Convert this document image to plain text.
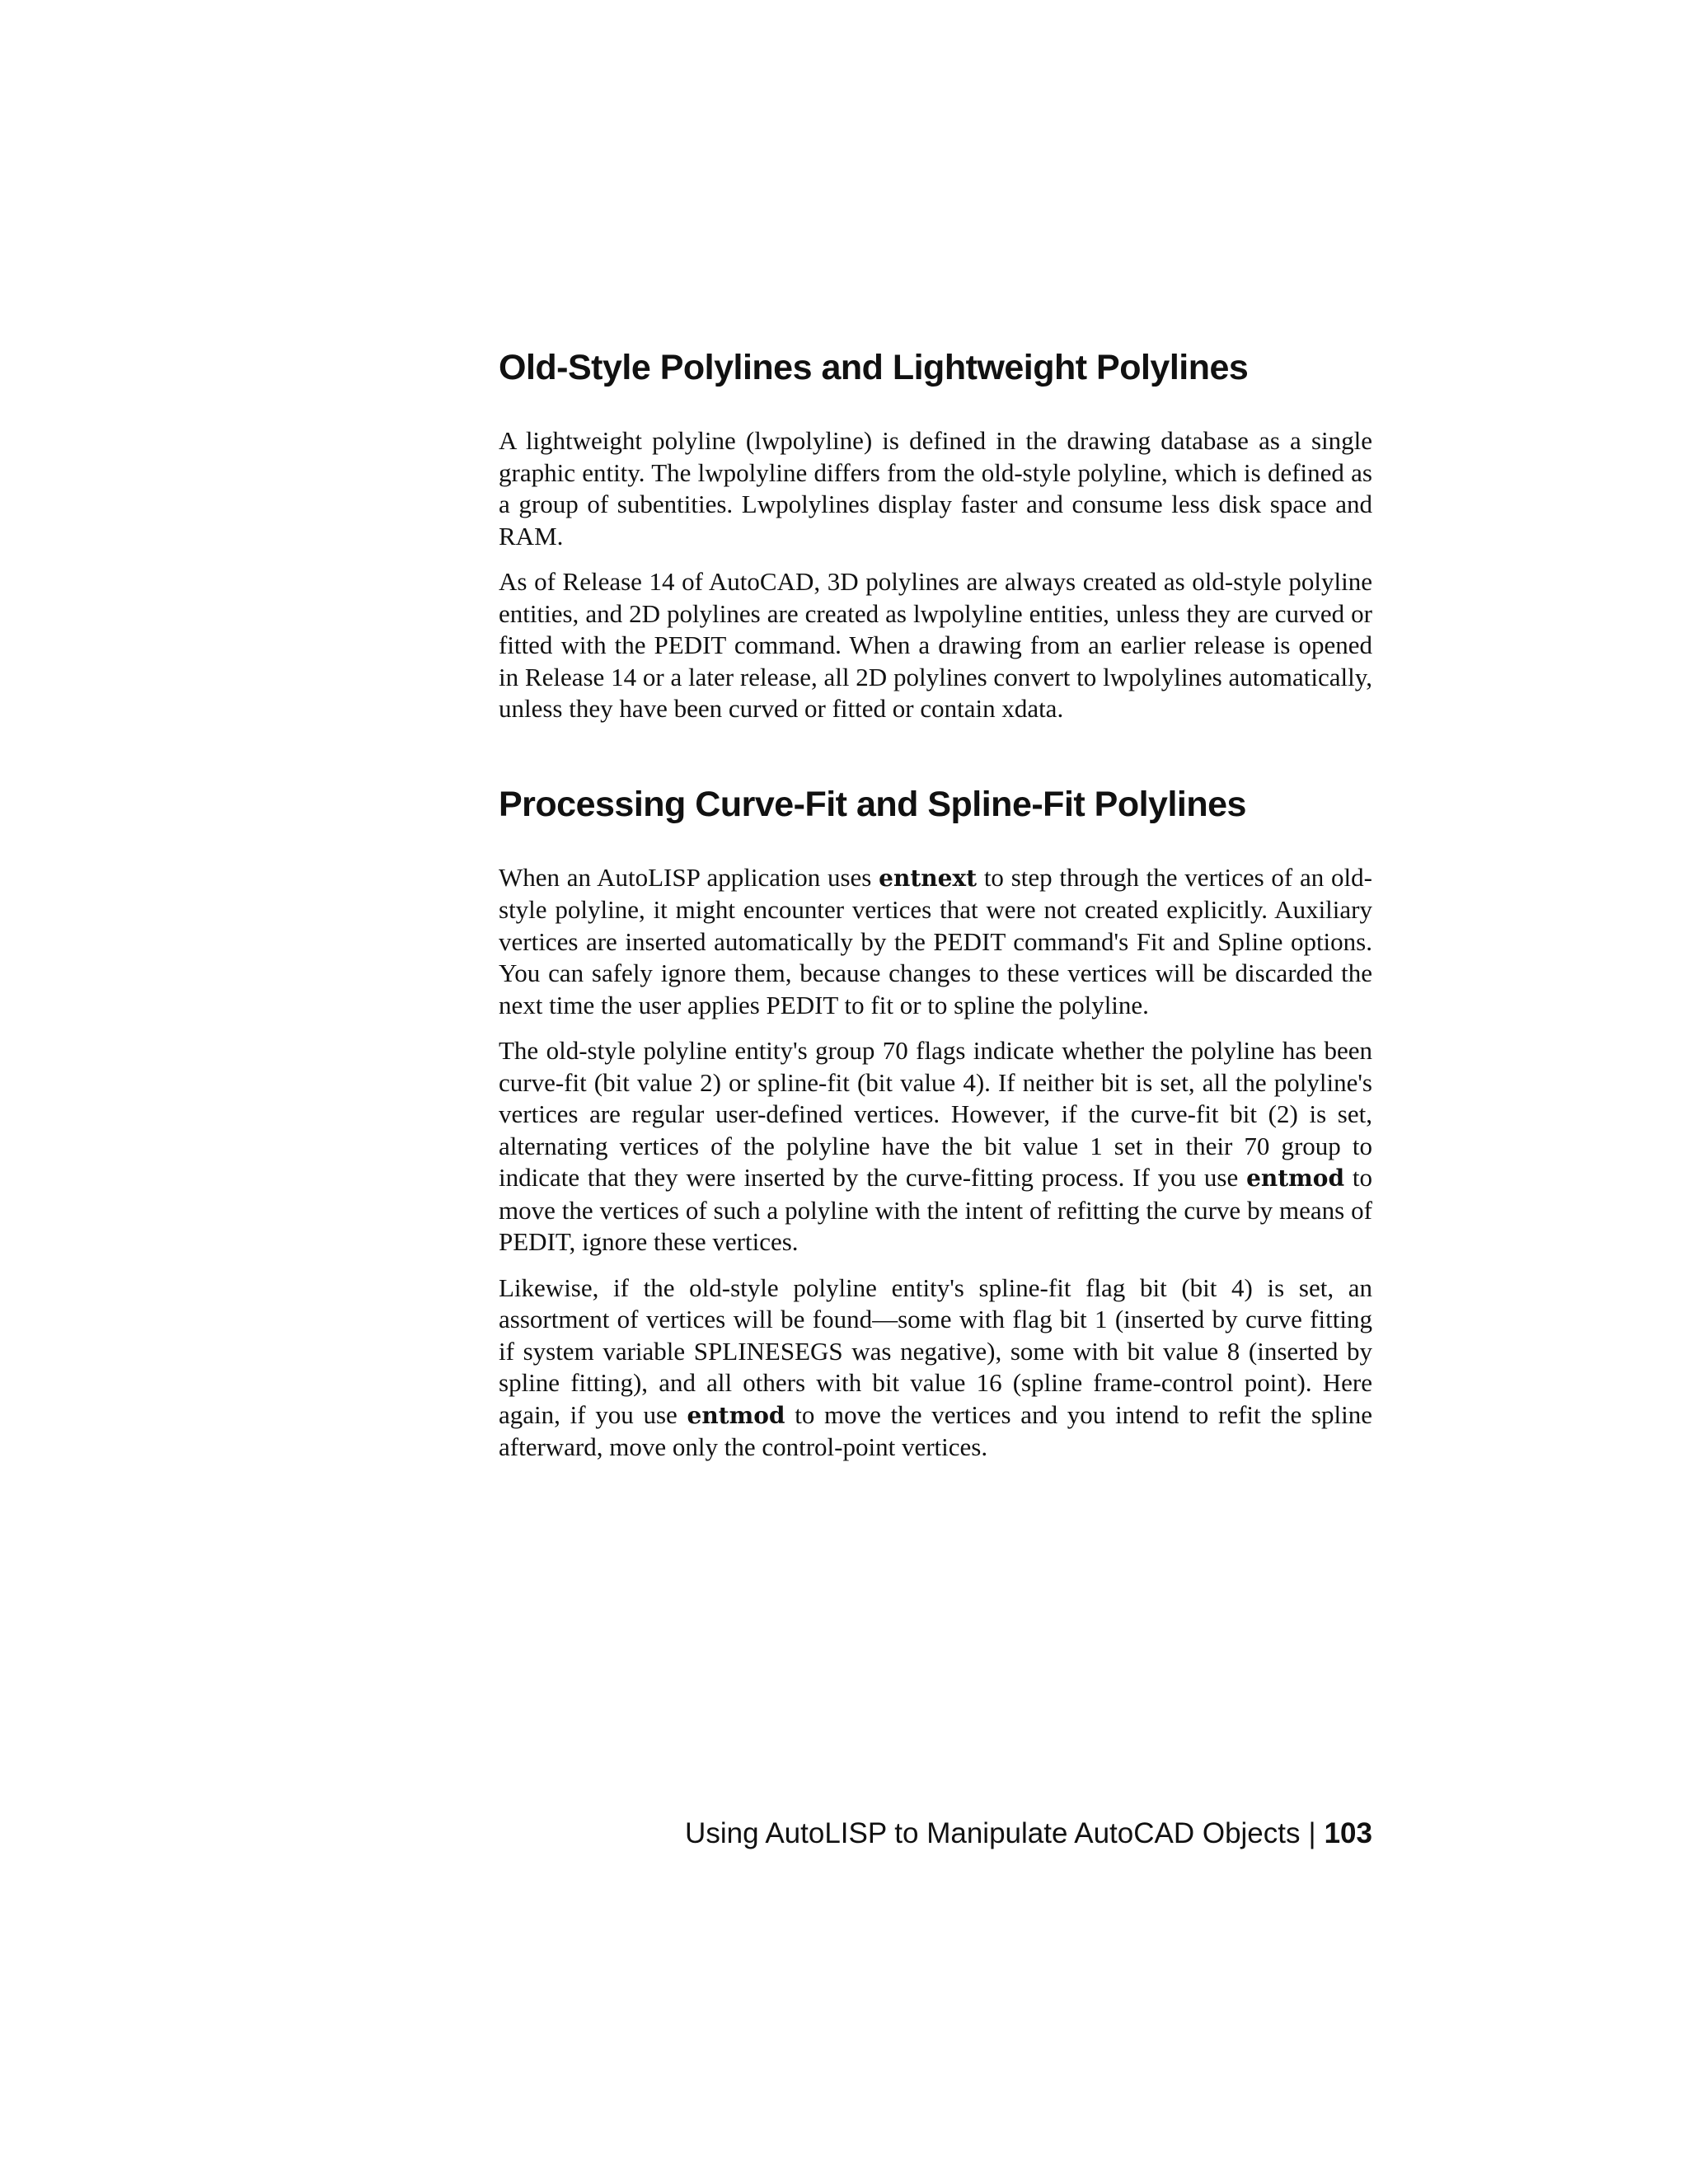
Old-Style Polylines and Lightweight Polylines

A lightweight polyline (lwpolyline) is defined in the drawing database as a single graphic entity. The lwpolyline differs from the old-style polyline, which is defined as a group of subentities. Lwpolylines display faster and consume less disk space and RAM.

As of Release 14 of AutoCAD, 3D polylines are always created as old-style polyline entities, and 2D polylines are created as lwpolyline entities, unless they are curved or fitted with the PEDIT command. When a drawing from an earlier release is opened in Release 14 or a later release, all 2D polylines convert to lwpolylines automatically, unless they have been curved or fitted or contain xdata.

Processing Curve-Fit and Spline-Fit Polylines

When an AutoLISP application uses entnext to step through the vertices of an old-style polyline, it might encounter vertices that were not created explicitly. Auxiliary vertices are inserted automatically by the PEDIT command's Fit and Spline options. You can safely ignore them, because changes to these vertices will be discarded the next time the user applies PEDIT to fit or to spline the polyline.

The old-style polyline entity's group 70 flags indicate whether the polyline has been curve-fit (bit value 2) or spline-fit (bit value 4). If neither bit is set, all the polyline's vertices are regular user-defined vertices. However, if the curve-fit bit (2) is set, alternating vertices of the polyline have the bit value 1 set in their 70 group to indicate that they were inserted by the curve-fitting process. If you use entmod to move the vertices of such a polyline with the intent of refitting the curve by means of PEDIT, ignore these vertices.

Likewise, if the old-style polyline entity's spline-fit flag bit (bit 4) is set, an assortment of vertices will be found—some with flag bit 1 (inserted by curve fitting if system variable SPLINESEGS was negative), some with bit value 8 (inserted by spline fitting), and all others with bit value 16 (spline frame-control point). Here again, if you use entmod to move the vertices and you intend to refit the spline afterward, move only the control-point vertices.

Using AutoLISP to Manipulate AutoCAD Objects | 103
